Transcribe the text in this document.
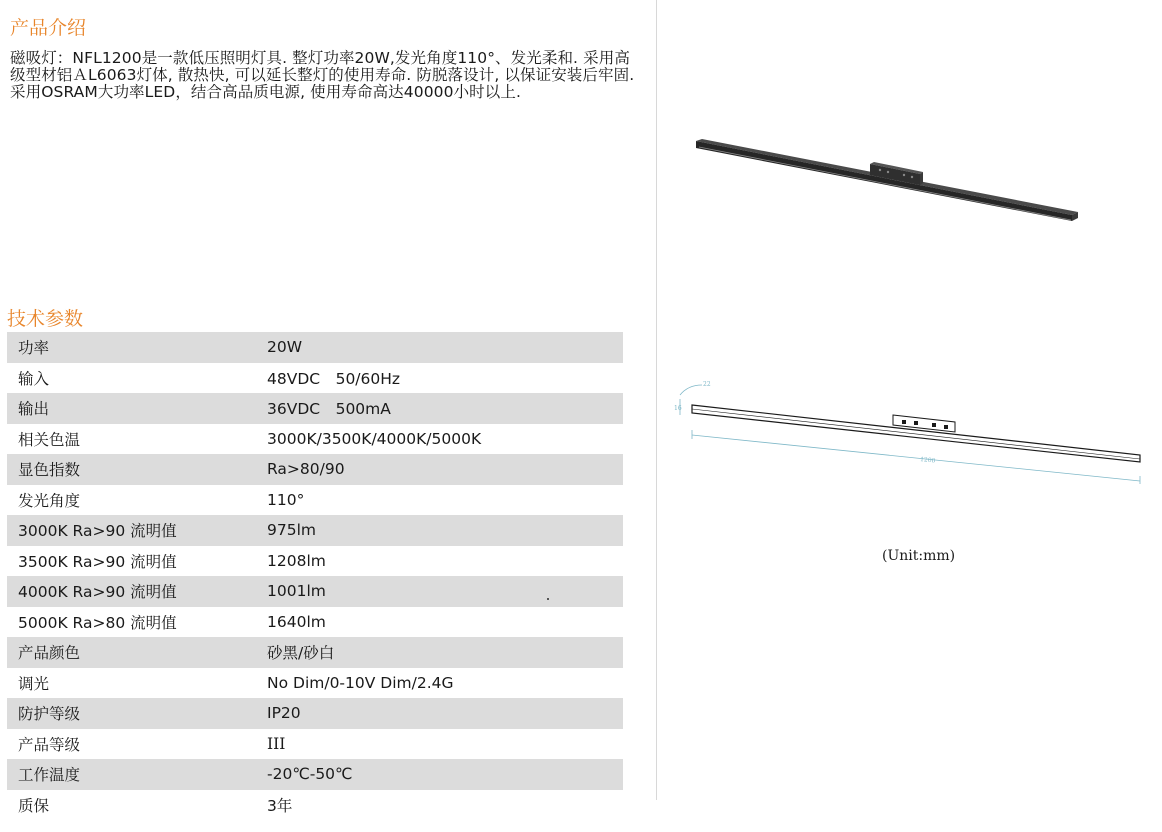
产品介绍

磁吸灯：NFL1200是一款低压照明灯具. 整灯功率20W,发光角度110°、发光柔和. 采用高级型材铝ＡL6063灯体, 散热快, 可以延长整灯的使用寿命. 防脱落设计, 以保证安装后牢固. 采用OSRAM大功率LED，结合高品质电源, 使用寿命高达40000小时以上.

技术参数
功率	20W
输入	48VDC　50/60Hz
输出	36VDC　500mA
相关色温	3000K/3500K/4000K/5000K
显色指数	Ra>80/90
发光角度	110°
3000K Ra>90 流明值	975lm
3500K Ra>90 流明值	1208lm
4000K Ra>90 流明值	1001lm
5000K Ra>80 流明值	1640lm
产品颜色	砂黑/砂白
调光	No Dim/0-10V Dim/2.4G
防护等级	IP20
产品等级	III
工作温度	-20℃-50℃
质保	3年
1200
22
16
(Unit:mm)
